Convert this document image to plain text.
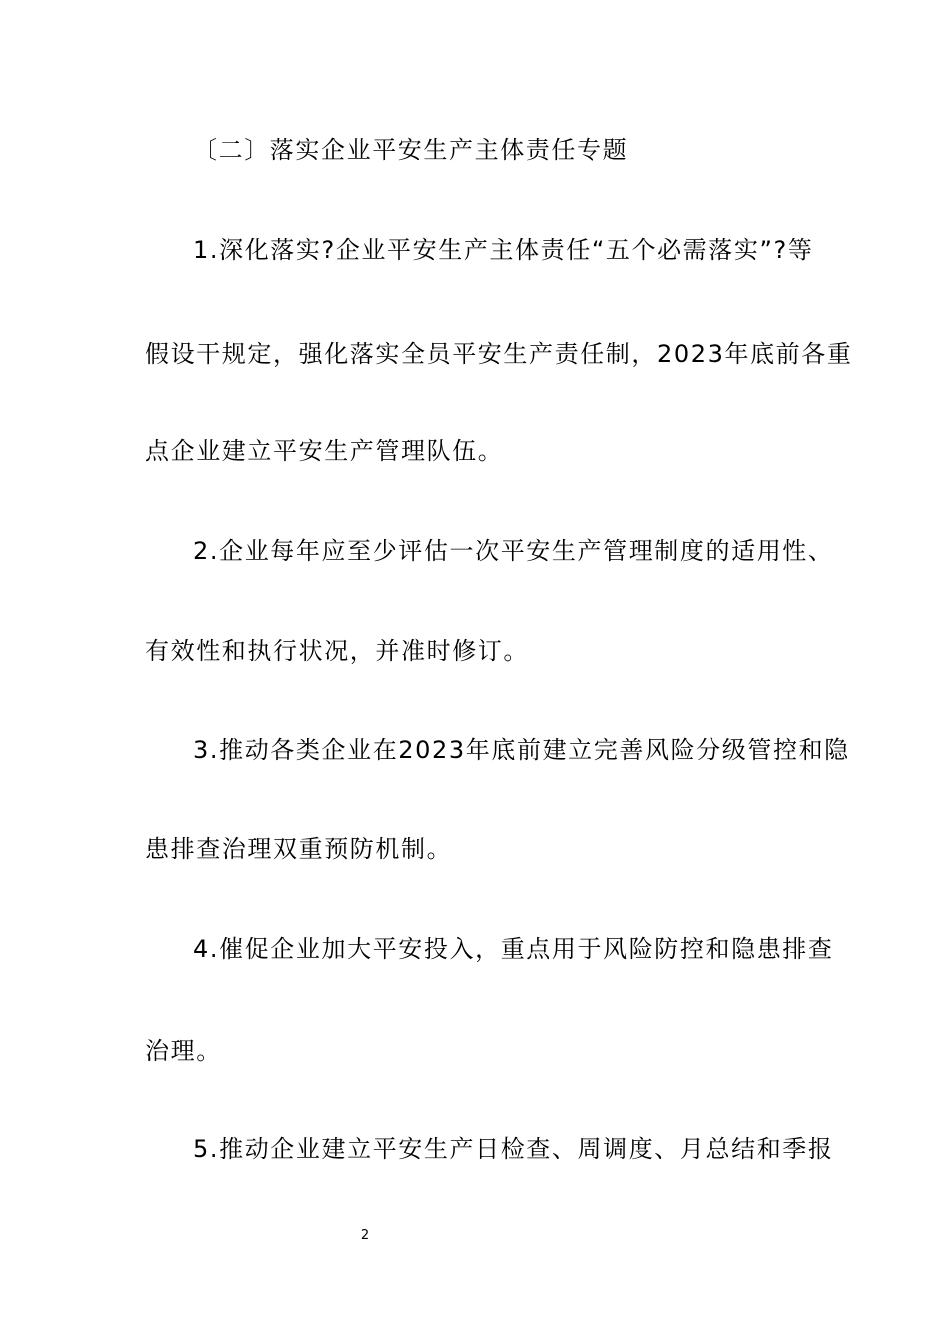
〔二〕落实企业平安生产主体责任专题
1.深化落实?企业平安生产主体责任“五个必需落实”?等
假设干规定，强化落实全员平安生产责任制，2023年底前各重
点企业建立平安生产管理队伍。
2.企业每年应至少评估一次平安生产管理制度的适用性、
有效性和执行状况，并准时修订。
3.推动各类企业在2023年底前建立完善风险分级管控和隐
患排查治理双重预防机制。
4.催促企业加大平安投入，重点用于风险防控和隐患排查
治理。
5.推动企业建立平安生产日检查、周调度、月总结和季报
2
